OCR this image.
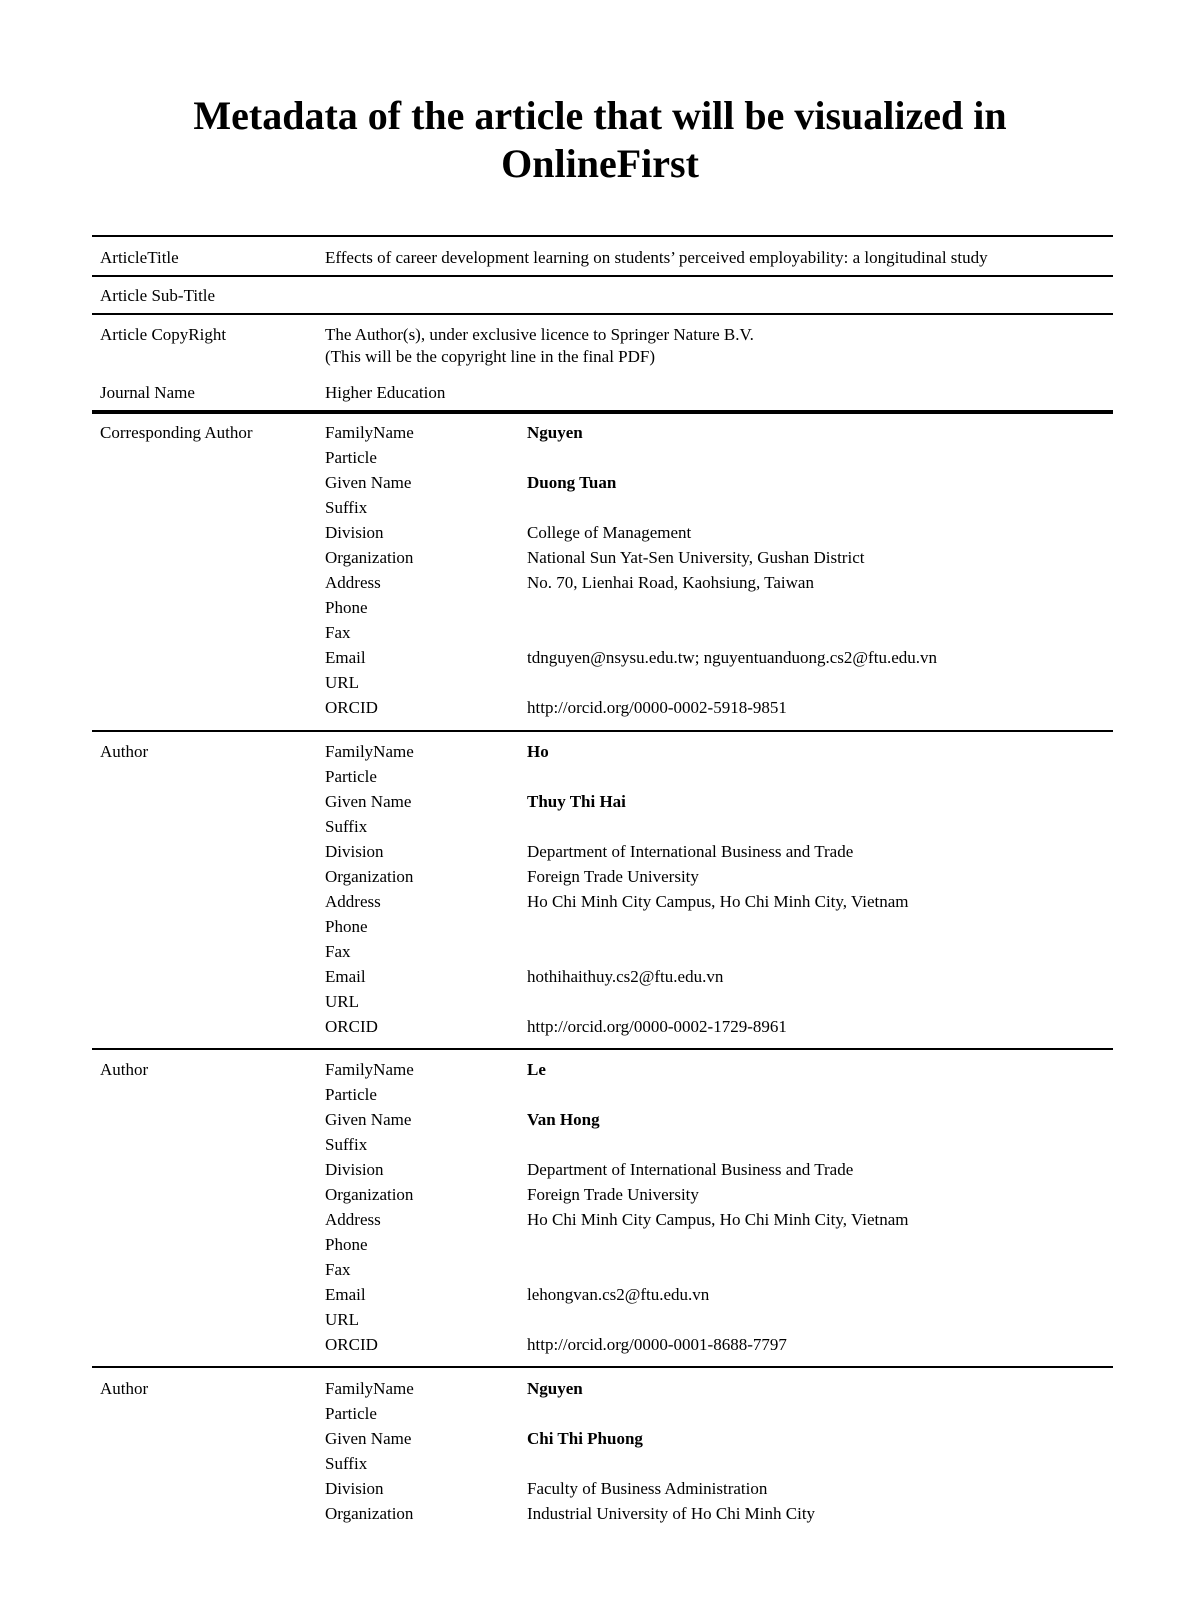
Metadata of the article that will be visualized in
OnlineFirst
ArticleTitle	Effects of career development learning on students’ perceived employability: a longitudinal study
Article Sub-Title
Article CopyRight	The Author(s), under exclusive licence to Springer Nature B.V.
(This will be the copyright line in the final PDF)
Journal Name	Higher Education
Corresponding Author	FamilyName	Nguyen
Particle
Given Name	Duong Tuan
Suffix
Division	College of Management
Organization	National Sun Yat-Sen University, Gushan District
Address	No. 70, Lienhai Road, Kaohsiung, Taiwan
Phone
Fax
Email	tdnguyen@nsysu.edu.tw; nguyentuanduong.cs2@ftu.edu.vn
URL
ORCID	http://orcid.org/0000-0002-5918-9851
Author	FamilyName	Ho
Particle
Given Name	Thuy Thi Hai
Suffix
Division	Department of International Business and Trade
Organization	Foreign Trade University
Address	Ho Chi Minh City Campus, Ho Chi Minh City, Vietnam
Phone
Fax
Email	hothihaithuy.cs2@ftu.edu.vn
URL
ORCID	http://orcid.org/0000-0002-1729-8961
Author	FamilyName	Le
Particle
Given Name	Van Hong
Suffix
Division	Department of International Business and Trade
Organization	Foreign Trade University
Address	Ho Chi Minh City Campus, Ho Chi Minh City, Vietnam
Phone
Fax
Email	lehongvan.cs2@ftu.edu.vn
URL
ORCID	http://orcid.org/0000-0001-8688-7797
Author	FamilyName	Nguyen
Particle
Given Name	Chi Thi Phuong
Suffix
Division	Faculty of Business Administration
Organization	Industrial University of Ho Chi Minh City
